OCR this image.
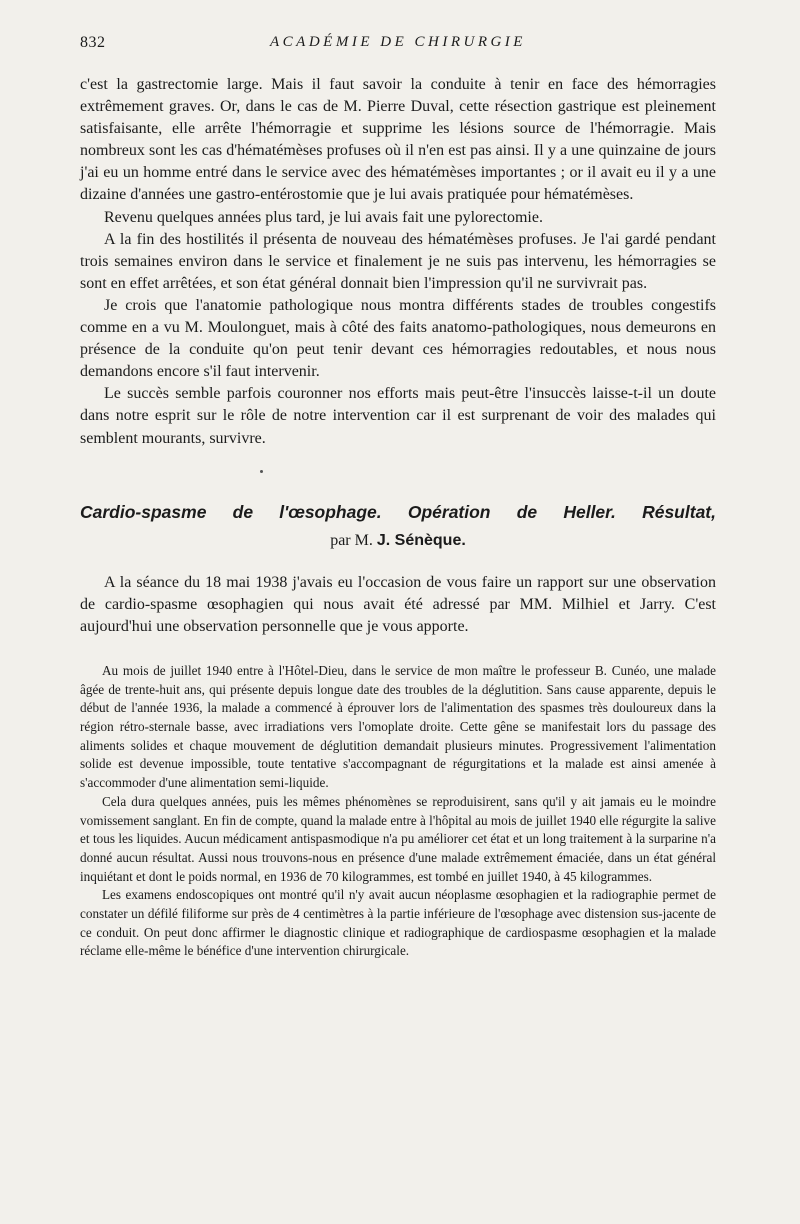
832	ACADÉMIE DE CHIRURGIE

c'est la gastrectomie large. Mais il faut savoir la conduite à tenir en face des hémorragies extrêmement graves. Or, dans le cas de M. Pierre Duval, cette résection gastrique est pleinement satisfaisante, elle arrête l'hémorragie et supprime les lésions source de l'hémorragie. Mais nombreux sont les cas d'hématémèses profuses où il n'en est pas ainsi. Il y a une quinzaine de jours j'ai eu un homme entré dans le service avec des hématémèses importantes ; or il avait eu il y a une dizaine d'années une gastro-entérostomie que je lui avais pratiquée pour hématémèses.

Revenu quelques années plus tard, je lui avais fait une pylorectomie.

A la fin des hostilités il présenta de nouveau des hématémèses profuses. Je l'ai gardé pendant trois semaines environ dans le service et finalement je ne suis pas intervenu, les hémorragies se sont en effet arrêtées, et son état général donnait bien l'impression qu'il ne survivrait pas.

Je crois que l'anatomie pathologique nous montra différents stades de troubles congestifs comme en a vu M. Moulonguet, mais à côté des faits anatomo-pathologiques, nous demeurons en présence de la conduite qu'on peut tenir devant ces hémorragies redoutables, et nous nous demandons encore s'il faut intervenir.

Le succès semble parfois couronner nos efforts mais peut-être l'insuccès laisse-t-il un doute dans notre esprit sur le rôle de notre intervention car il est surprenant de voir des malades qui semblent mourants, survivre.

Cardio-spasme de l'œsophage. Opération de Heller. Résultat,
par M. J. Sénèque.

A la séance du 18 mai 1938 j'avais eu l'occasion de vous faire un rapport sur une observation de cardio-spasme œsophagien qui nous avait été adressé par MM. Milhiel et Jarry. C'est aujourd'hui une observation personnelle que je vous apporte.

Au mois de juillet 1940 entre à l'Hôtel-Dieu, dans le service de mon maître le professeur B. Cunéo, une malade âgée de trente-huit ans, qui présente depuis longue date des troubles de la déglutition. Sans cause apparente, depuis le début de l'année 1936, la malade a commencé à éprouver lors de l'alimentation des spasmes très douloureux dans la région rétro-sternale basse, avec irradiations vers l'omoplate droite. Cette gêne se manifestait lors du passage des aliments solides et chaque mouvement de déglutition demandait plusieurs minutes. Progressivement l'alimentation solide est devenue impossible, toute tentative s'accompagnant de régurgitations et la malade est ainsi amenée à s'accommoder d'une alimentation semi-liquide.

Cela dura quelques années, puis les mêmes phénomènes se reproduisirent, sans qu'il y ait jamais eu le moindre vomissement sanglant. En fin de compte, quand la malade entre à l'hôpital au mois de juillet 1940 elle régurgite la salive et tous les liquides. Aucun médicament antispasmodique n'a pu améliorer cet état et un long traitement à la surparine n'a donné aucun résultat. Aussi nous trouvons-nous en présence d'une malade extrêmement émaciée, dans un état général inquiétant et dont le poids normal, en 1936 de 70 kilogrammes, est tombé en juillet 1940, à 45 kilogrammes.

Les examens endoscopiques ont montré qu'il n'y avait aucun néoplasme œsophagien et la radiographie permet de constater un défilé filiforme sur près de 4 centimètres à la partie inférieure de l'œsophage avec distension sus-jacente de ce conduit. On peut donc affirmer le diagnostic clinique et radiographique de cardiospasme œsophagien et la malade réclame elle-même le bénéfice d'une intervention chirurgicale.
